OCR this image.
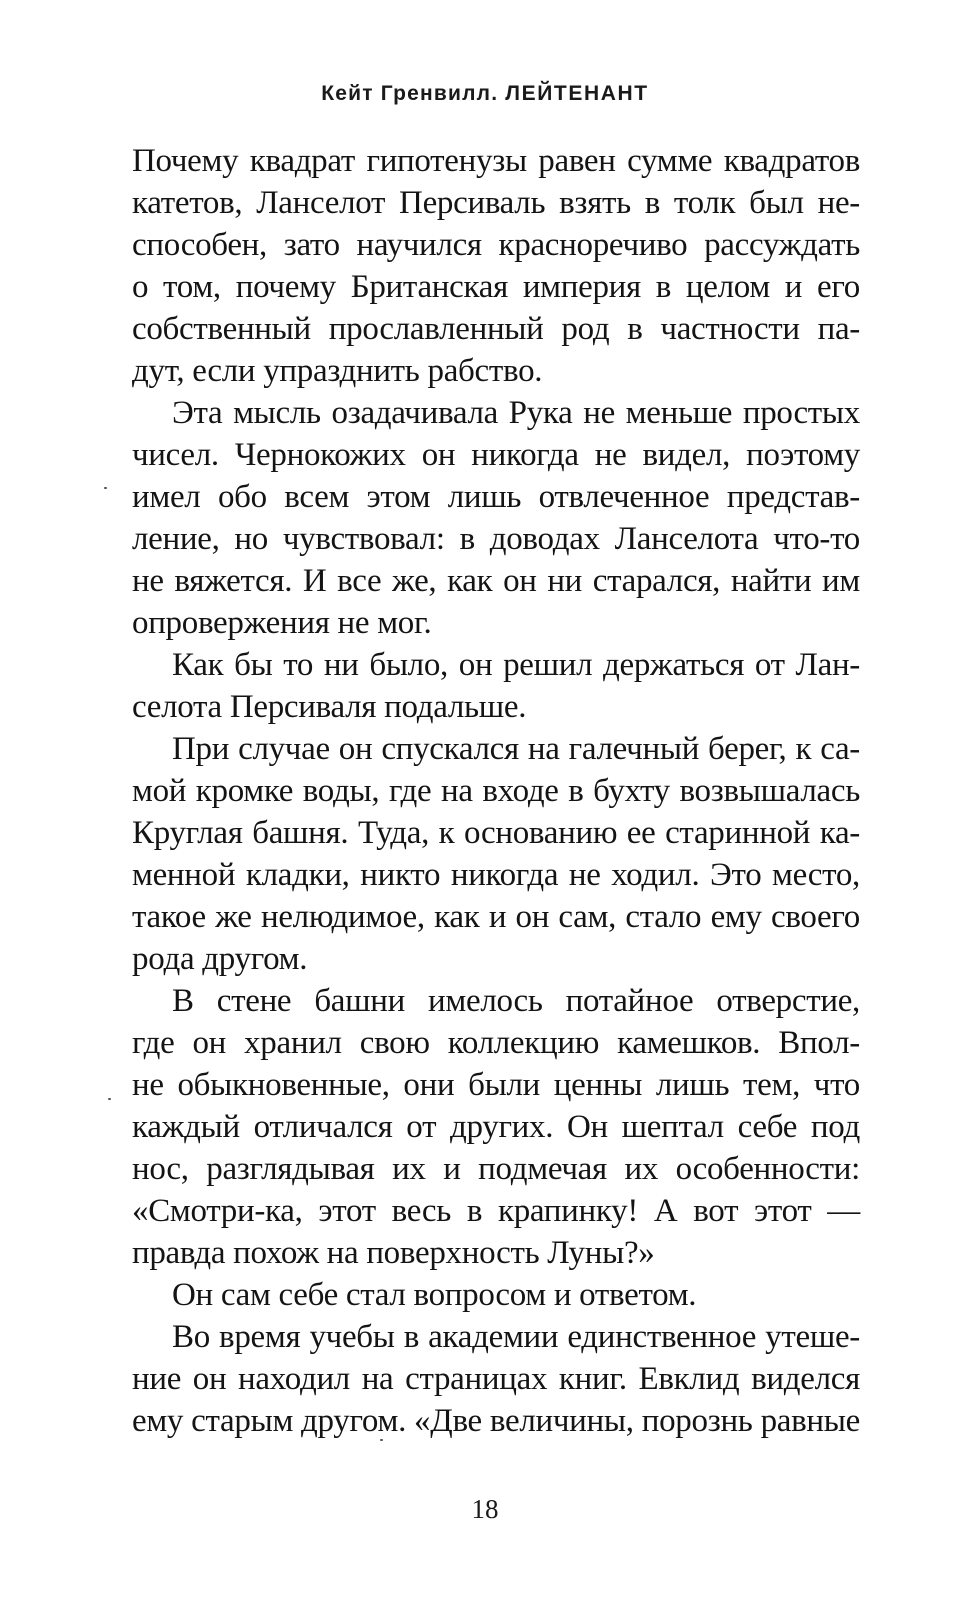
Кейт Гренвилл. ЛЕЙТЕНАНТ
Почему квадрат гипотенузы равен сумме квадратов
катетов, Ланселот Персиваль взять в толк был не-
способен, зато научился красноречиво рассуждать
о том, почему Британская империя в целом и его
собственный прославленный род в частности па-
дут, если упразднить рабство.
Эта мысль озадачивала Рука не меньше простых
чисел. Чернокожих он никогда не видел, поэтому
имел обо всем этом лишь отвлеченное представ-
ление, но чувствовал: в доводах Ланселота что-то
не вяжется. И все же, как он ни старался, найти им
опровержения не мог.
Как бы то ни было, он решил держаться от Лан-
селота Персиваля подальше.
При случае он спускался на галечный берег, к са-
мой кромке воды, где на входе в бухту возвышалась
Круглая башня. Туда, к основанию ее старинной ка-
менной кладки, никто никогда не ходил. Это место,
такое же нелюдимое, как и он сам, стало ему своего
рода другом.
В стене башни имелось потайное отверстие,
где он хранил свою коллекцию камешков. Впол-
не обыкновенные, они были ценны лишь тем, что
каждый отличался от других. Он шептал себе под
нос, разглядывая их и подмечая их особенности:
«Смотри-ка, этот весь в крапинку! А вот этот —
правда похож на поверхность Луны?»
Он сам себе стал вопросом и ответом.
Во время учебы в академии единственное утеше-
ние он находил на страницах книг. Евклид виделся
ему старым другом. «Две величины, порознь равные
18
